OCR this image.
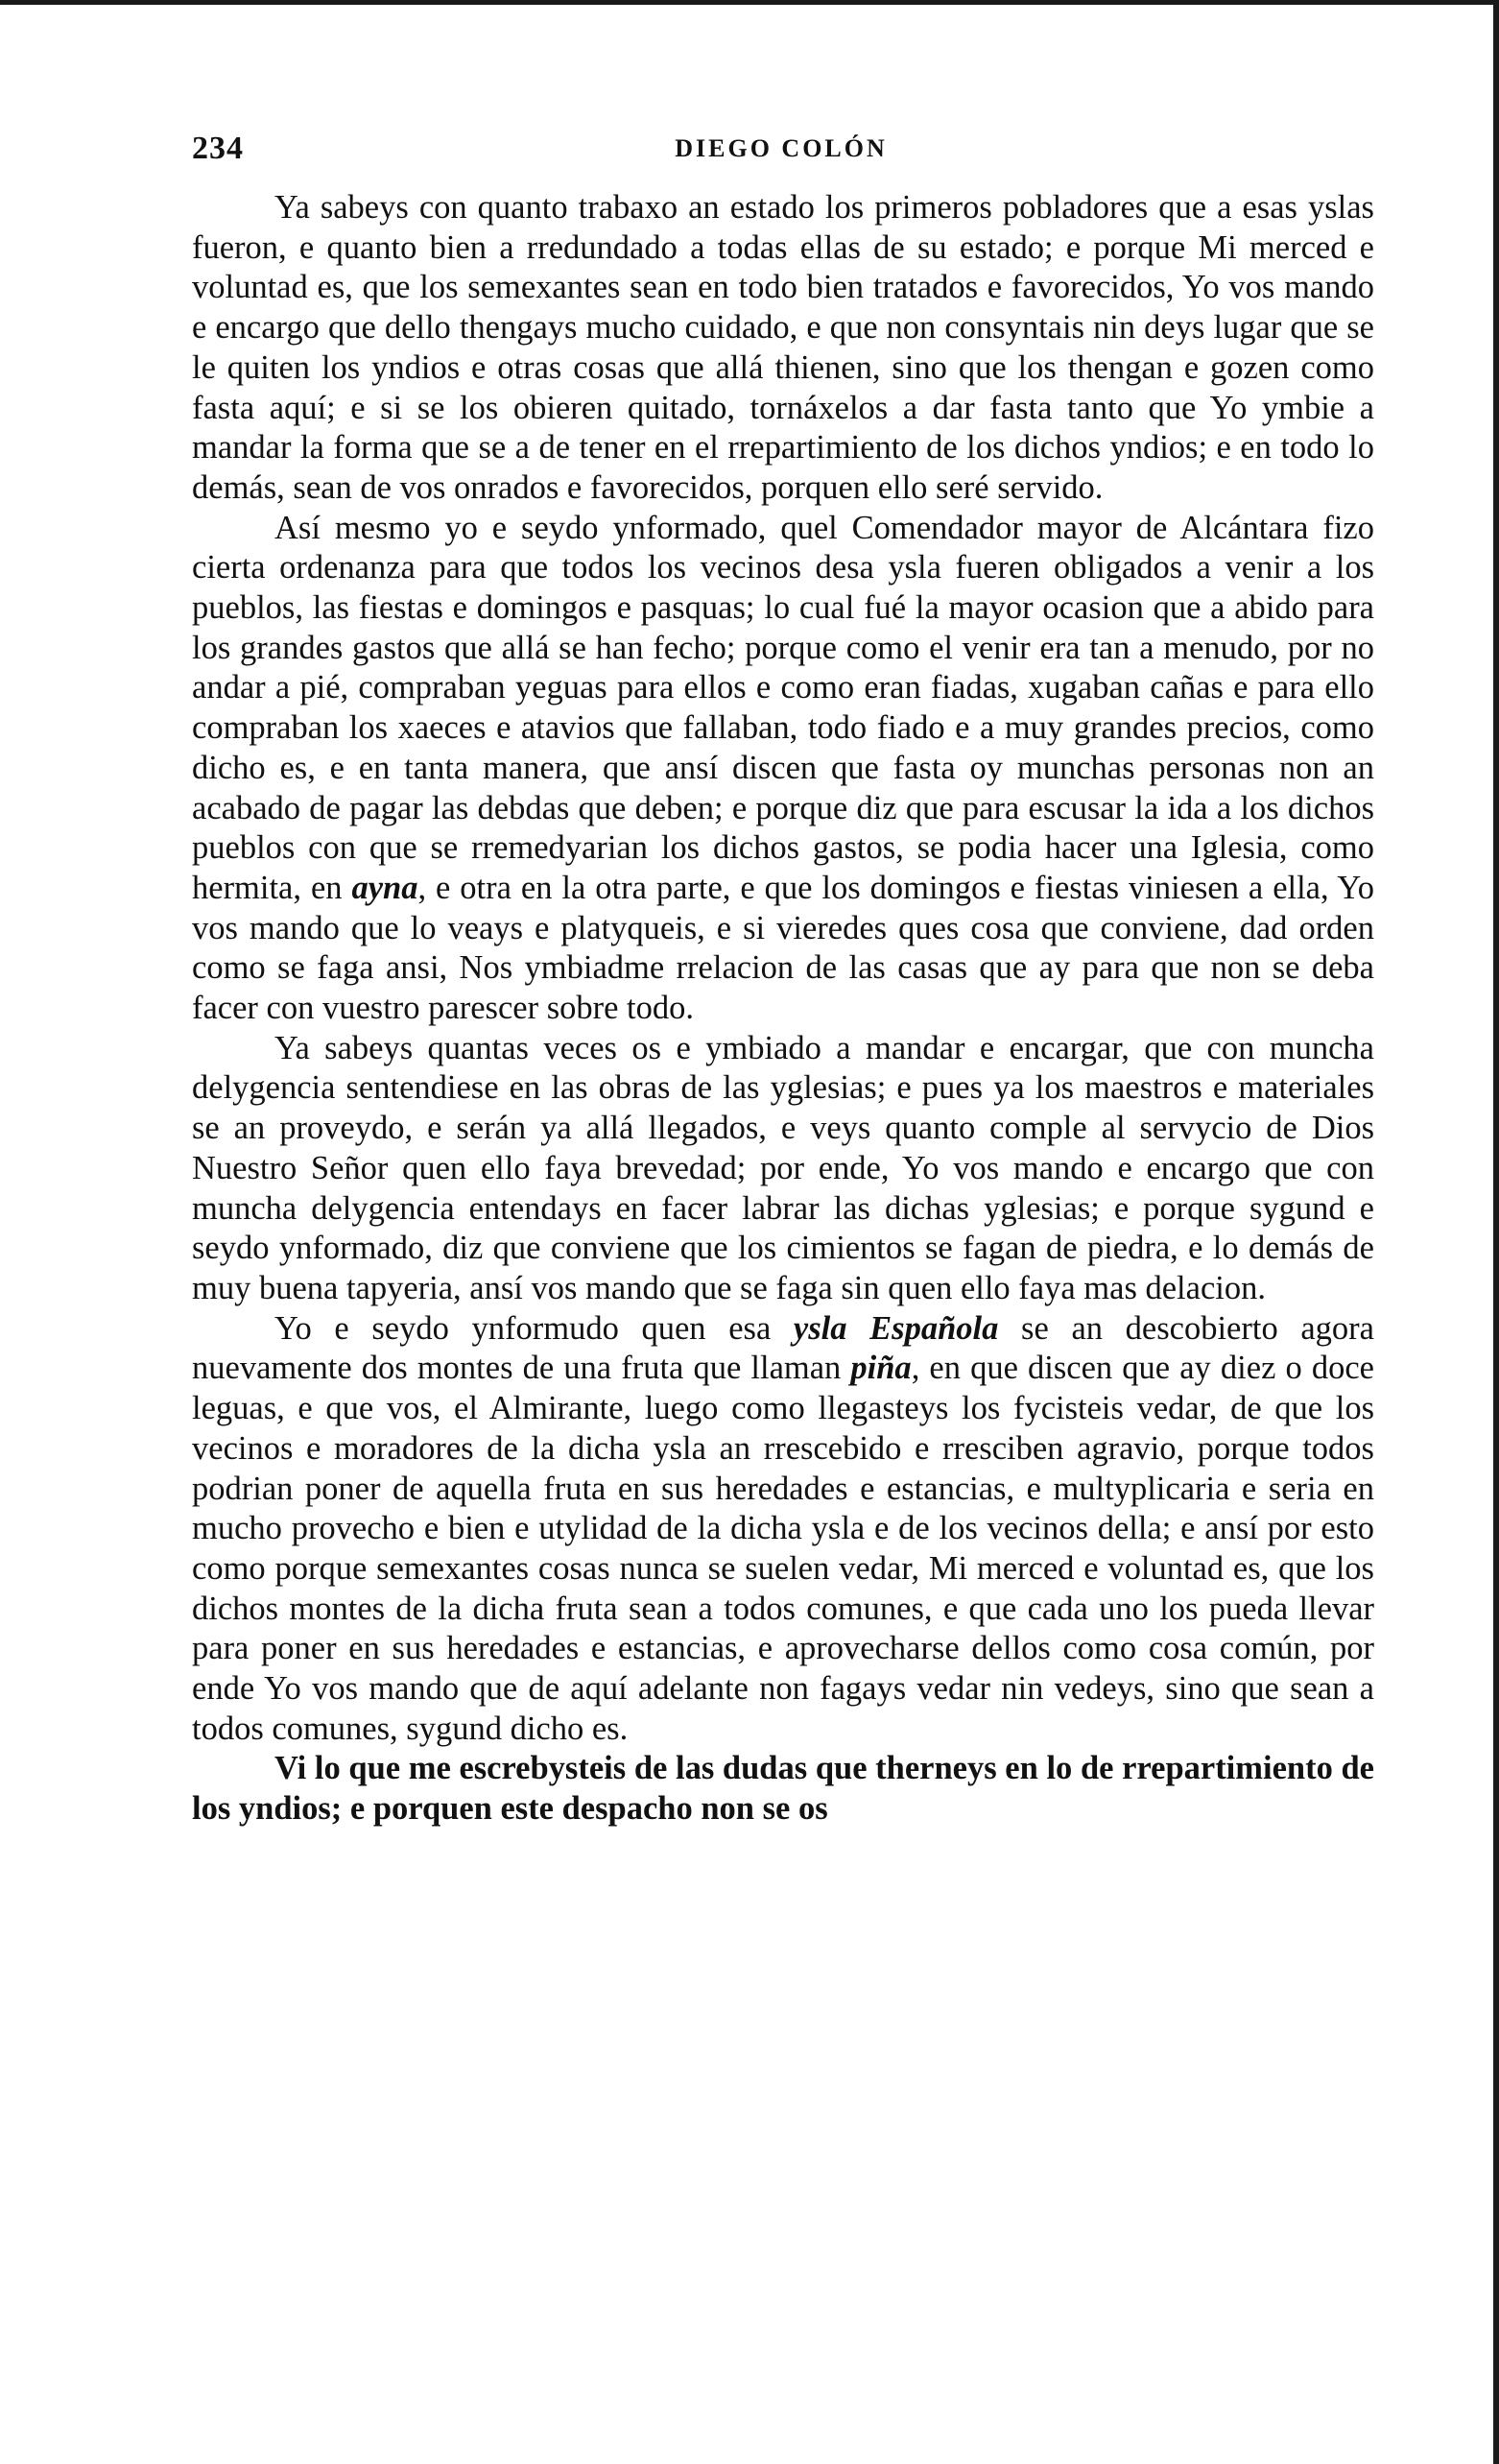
234	DIEGO COLÓN

Ya sabeys con quanto trabaxo an estado los primeros pobladores que a esas yslas fueron, e quanto bien a rredundado a todas ellas de su estado; e porque Mi merced e voluntad es, que los semexantes sean en todo bien tratados e favorecidos, Yo vos mando e encargo que dello thengays mucho cuidado, e que non consyntais nin deys lugar que se le quiten los yndios e otras cosas que allá thienen, sino que los thengan e gozen como fasta aquí; e si se los obieren quitado, tornáxelos a dar fasta tanto que Yo ymbie a mandar la forma que se a de tener en el rrepartimiento de los dichos yndios; e en todo lo demás, sean de vos onrados e favorecidos, porquen ello seré servido.

Así mesmo yo e seydo ynformado, quel Comendador mayor de Alcántara fizo cierta ordenanza para que todos los vecinos desa ysla fueren obligados a venir a los pueblos, las fiestas e domingos e pasquas; lo cual fué la mayor ocasion que a abido para los grandes gastos que allá se han fecho; porque como el venir era tan a menudo, por no andar a pié, compraban yeguas para ellos e como eran fiadas, xugaban cañas e para ello compraban los xaeces e atavios que fallaban, todo fiado e a muy grandes precios, como dicho es, e en tanta manera, que ansí discen que fasta oy munchas personas non an acabado de pagar las debdas que deben; e porque diz que para escusar la ida a los dichos pueblos con que se rremedyarian los dichos gastos, se podia hacer una Iglesia, como hermita, en ayna, e otra en la otra parte, e que los domingos e fiestas viniesen a ella, Yo vos mando que lo veays e platyqueis, e si vieredes ques cosa que conviene, dad orden como se faga ansi, Nos ymbiadme rrelacion de las casas que ay para que non se deba facer con vuestro parescer sobre todo.

Ya sabeys quantas veces os e ymbiado a mandar e encargar, que con muncha delygencia sentendiese en las obras de las yglesias; e pues ya los maestros e materiales se an proveydo, e serán ya allá llegados, e veys quanto comple al servycio de Dios Nuestro Señor quen ello faya brevedad; por ende, Yo vos mando e encargo que con muncha delygencia entendays en facer labrar las dichas yglesias; e porque sygund e seydo ynformado, diz que conviene que los cimientos se fagan de piedra, e lo demás de muy buena tapyeria, ansí vos mando que se faga sin quen ello faya mas delacion.

Yo e seydo ynformudo quen esa ysla Española se an descobierto agora nuevamente dos montes de una fruta que llaman piña, en que discen que ay diez o doce leguas, e que vos, el Almirante, luego como llegasteys los fycisteis vedar, de que los vecinos e moradores de la dicha ysla an rrescebido e rresciben agravio, porque todos podrian poner de aquella fruta en sus heredades e estancias, e multyplicaria e seria en mucho provecho e bien e utylidad de la dicha ysla e de los vecinos della; e ansí por esto como porque semexantes cosas nunca se suelen vedar, Mi merced e voluntad es, que los dichos montes de la dicha fruta sean a todos comunes, e que cada uno los pueda llevar para poner en sus heredades e estancias, e aprovecharse dellos como cosa común, por ende Yo vos mando que de aquí adelante non fagays vedar nin vedeys, sino que sean a todos comunes, sygund dicho es.

Vi lo que me escrebysteis de las dudas que therneys en lo de rrepartimiento de los yndios; e porquen este despacho non se os
